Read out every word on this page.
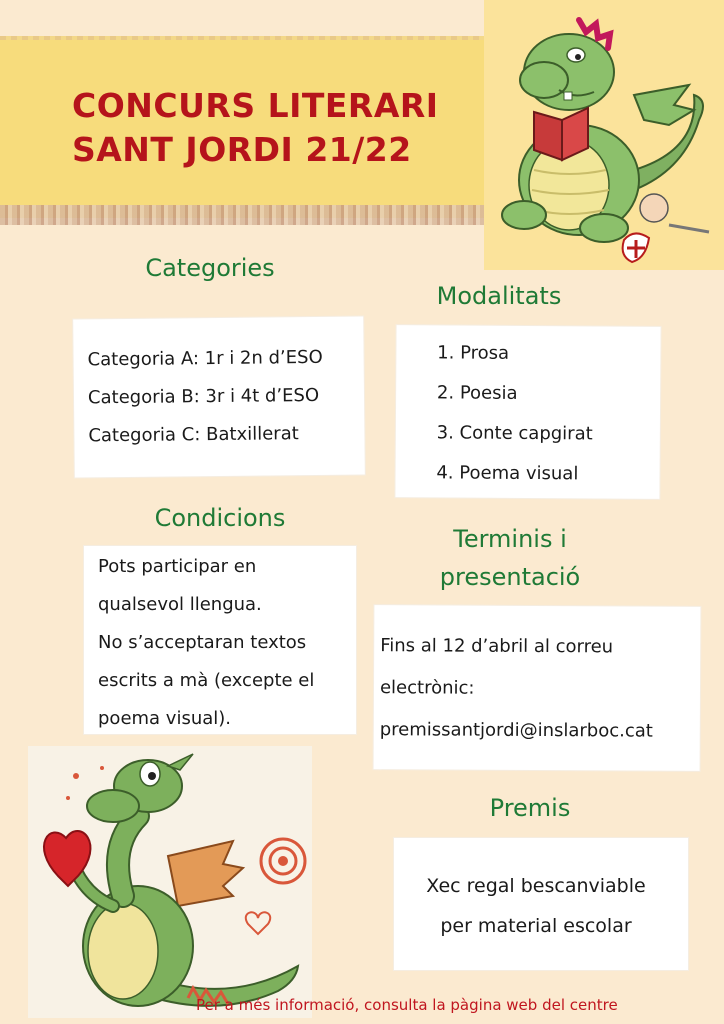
CONCURS LITERARI
SANT JORDI 21/22
Categories
Categoria A: 1r i 2n d’ESO
Categoria B: 3r i 4t d’ESO
Categoria C: Batxillerat
Modalitats
1. Prosa
2. Poesia
3. Conte capgirat
4. Poema visual
Condicions
Pots participar en
qualsevol llengua.
No s’acceptaran textos
escrits a mà (excepte el
poema visual).
Terminis i
presentació
Fins al 12 d’abril al correu
electrònic:
premissantjordi@inslarboc.cat
Premis
Xec regal bescanviable
per material escolar
Per a més informació, consulta la pàgina web del centre
